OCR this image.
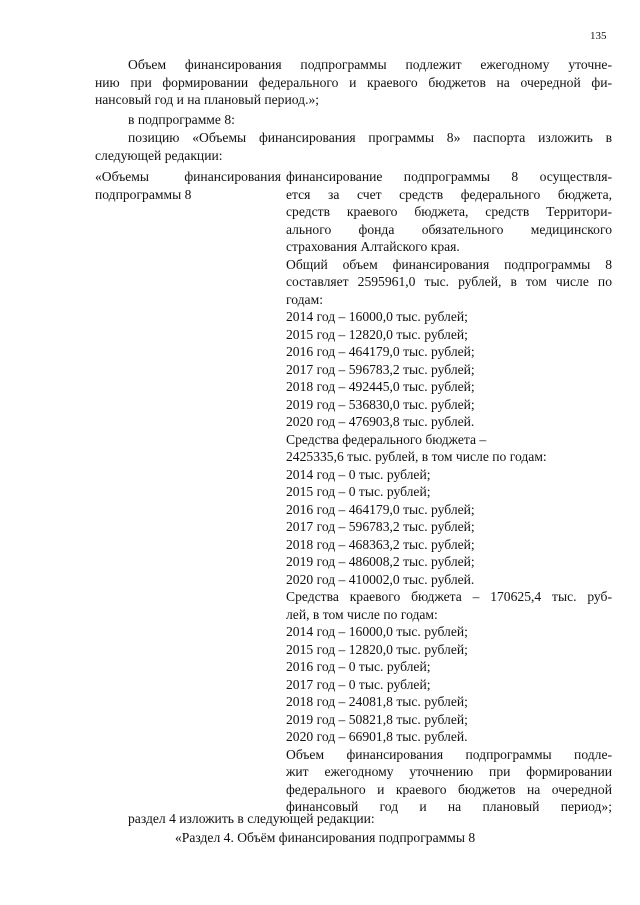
135
Объем финансирования подпрограммы подлежит ежегодному уточне-
нию при формировании федерального и краевого бюджетов на очередной фи-
нансовый год и на плановый период.»;
в подпрограмме 8:
позицию «Объемы финансирования программы 8» паспорта изложить в
следующей редакции:
«Объемы финансирования
подпрограммы 8
финансирование подпрограммы 8 осуществля-
ется за счет средств федерального бюджета,
средств краевого бюджета, средств Территори-
ального фонда обязательного медицинского
страхования Алтайского края.
Общий объем финансирования подпрограммы 8
составляет 2595961,0 тыс. рублей, в том числе по
годам:
2014 год – 16000,0 тыс. рублей;
2015 год – 12820,0 тыс. рублей;
2016 год – 464179,0 тыс. рублей;
2017 год – 596783,2 тыс. рублей;
2018 год – 492445,0 тыс. рублей;
2019 год – 536830,0 тыс. рублей;
2020 год – 476903,8 тыс. рублей.
Средства федерального бюджета –
2425335,6 тыс. рублей, в том числе по годам:
2014 год – 0 тыс. рублей;
2015 год – 0 тыс. рублей;
2016 год – 464179,0 тыс. рублей;
2017 год – 596783,2 тыс. рублей;
2018 год – 468363,2 тыс. рублей;
2019 год – 486008,2 тыс. рублей;
2020 год – 410002,0 тыс. рублей.
Средства краевого бюджета – 170625,4 тыс. руб-
лей, в том числе по годам:
2014 год – 16000,0 тыс. рублей;
2015 год – 12820,0 тыс. рублей;
2016 год – 0 тыс. рублей;
2017 год – 0 тыс. рублей;
2018 год – 24081,8 тыс. рублей;
2019 год – 50821,8 тыс. рублей;
2020 год – 66901,8 тыс. рублей.
Объем финансирования подпрограммы подле-
жит ежегодному уточнению при формировании
федерального и краевого бюджетов на очередной
финансовый год и на плановый период»;
раздел 4 изложить в следующей редакции:
«Раздел 4. Объём финансирования подпрограммы 8
